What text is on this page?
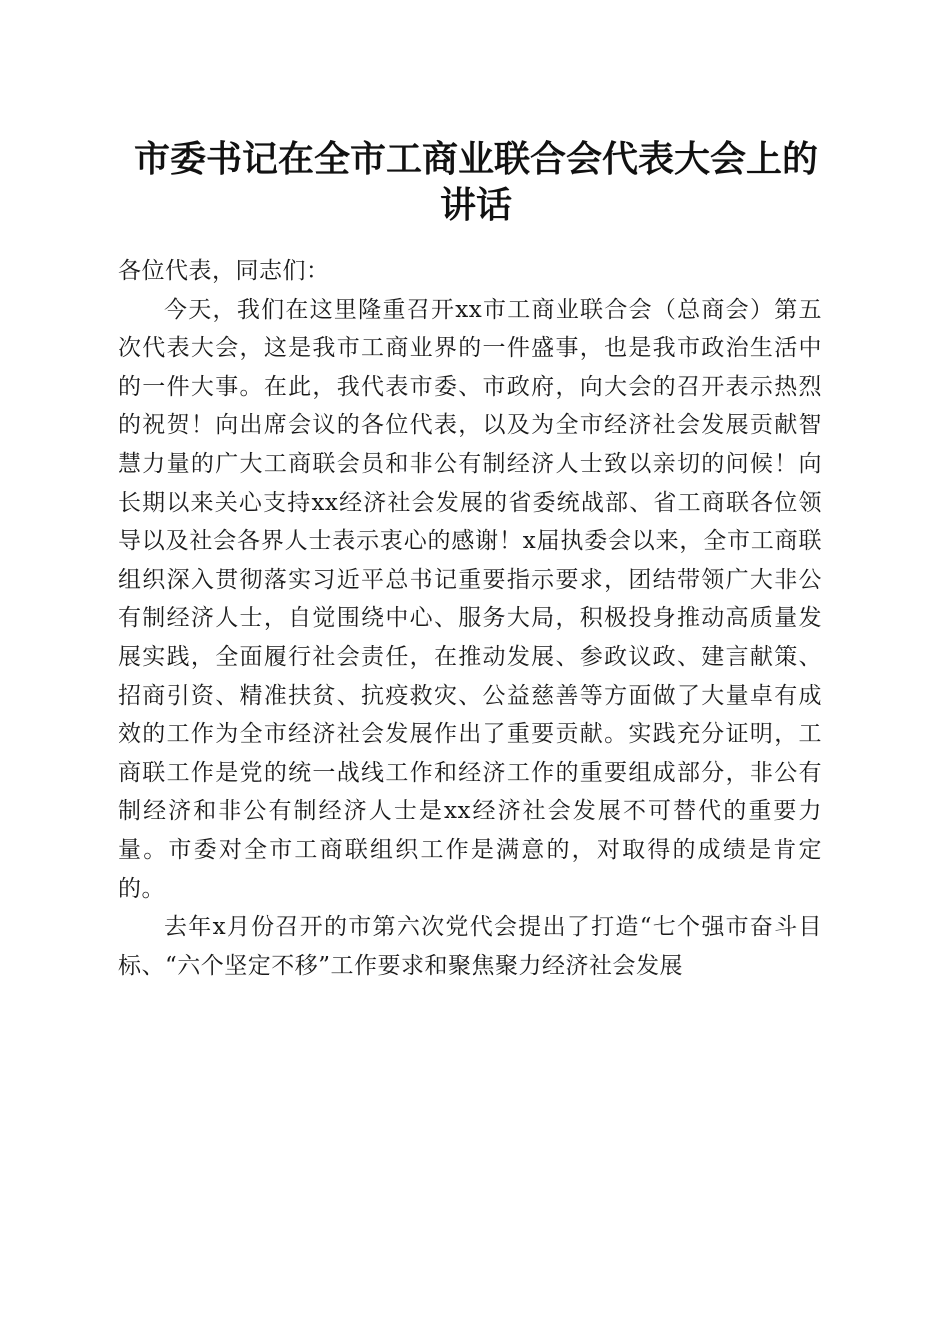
市委书记在全市工商业联合会代表大会上的讲话

各位代表，同志们：

今天，我们在这里隆重召开xx市工商业联合会（总商会）第五次代表大会，这是我市工商业界的一件盛事，也是我市政治生活中的一件大事。在此，我代表市委、市政府，向大会的召开表示热烈的祝贺！向出席会议的各位代表，以及为全市经济社会发展贡献智慧力量的广大工商联会员和非公有制经济人士致以亲切的问候！向长期以来关心支持xx经济社会发展的省委统战部、省工商联各位领导以及社会各界人士表示衷心的感谢！x届执委会以来，全市工商联组织深入贯彻落实习近平总书记重要指示要求，团结带领广大非公有制经济人士，自觉围绕中心、服务大局，积极投身推动高质量发展实践，全面履行社会责任，在推动发展、参政议政、建言献策、招商引资、精准扶贫、抗疫救灾、公益慈善等方面做了大量卓有成效的工作为全市经济社会发展作出了重要贡献。实践充分证明，工商联工作是党的统一战线工作和经济工作的重要组成部分，非公有制经济和非公有制经济人士是xx经济社会发展不可替代的重要力量。市委对全市工商联组织工作是满意的，对取得的成绩是肯定的。

去年x月份召开的市第六次党代会提出了打造“七个强市奋斗目标、“六个坚定不移”工作要求和聚焦聚力经济社会发展
